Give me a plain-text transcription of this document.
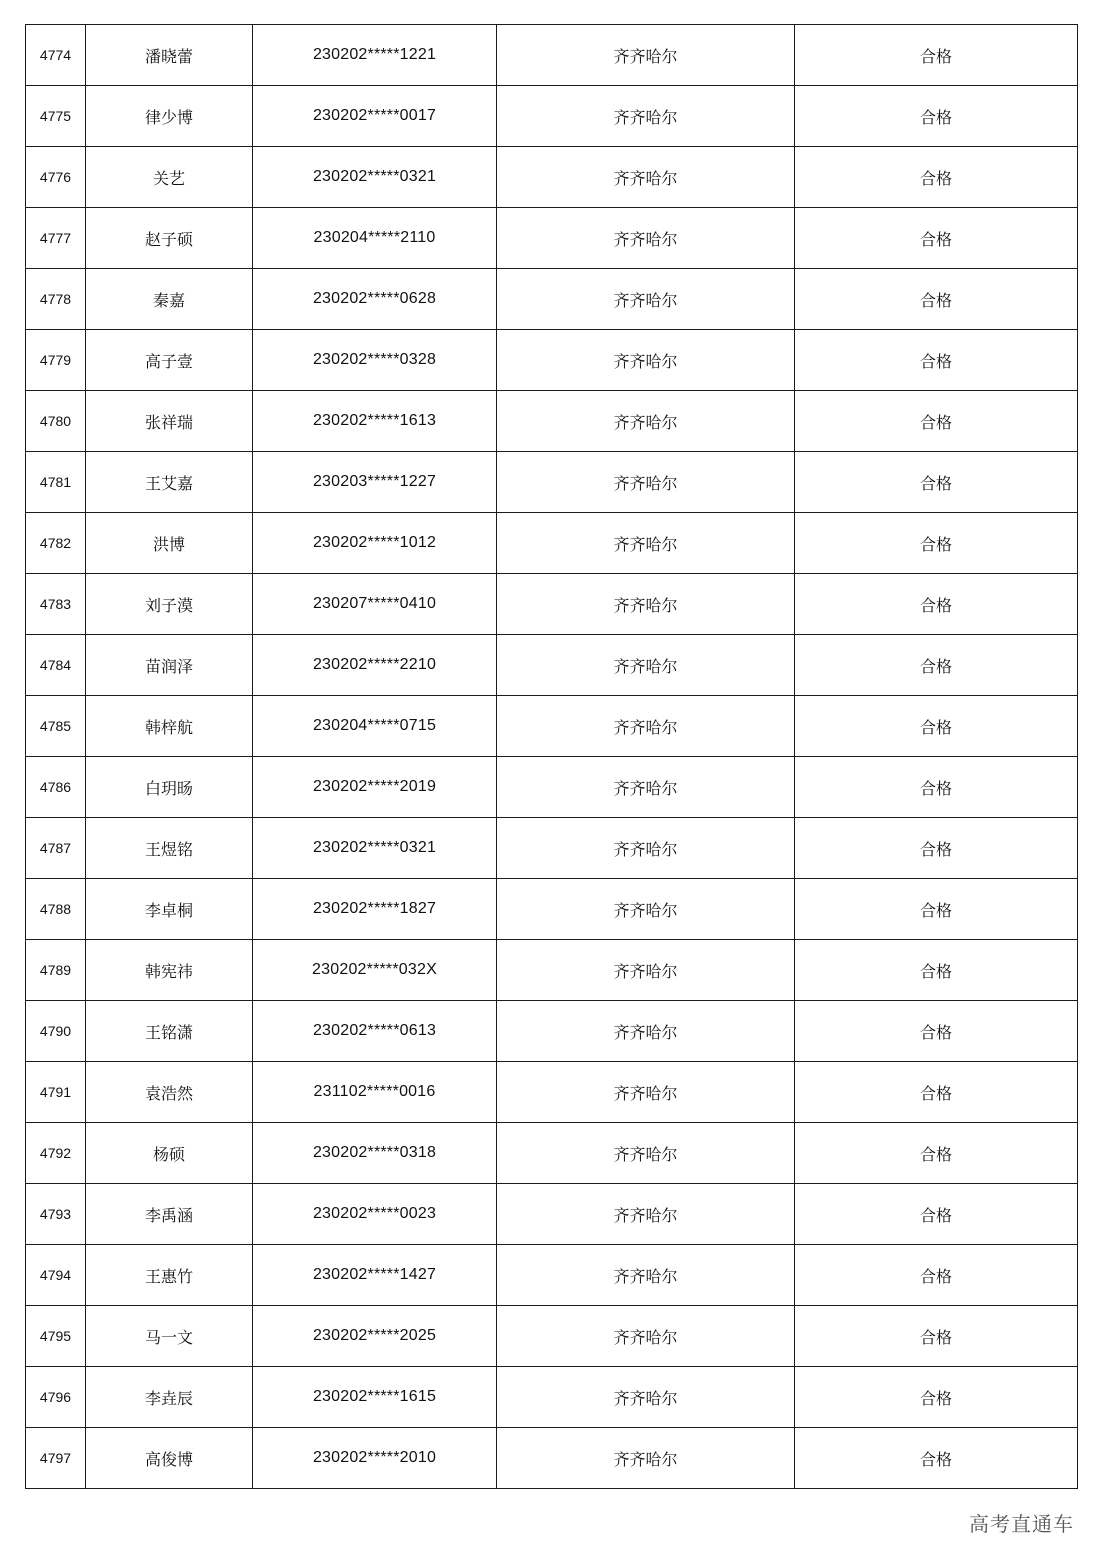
4774	潘晓蕾	230202*****1221	齐齐哈尔	合格
4775	律少博	230202*****0017	齐齐哈尔	合格
4776	关艺	230202*****0321	齐齐哈尔	合格
4777	赵子硕	230204*****2110	齐齐哈尔	合格
4778	秦嘉	230202*****0628	齐齐哈尔	合格
4779	高子壹	230202*****0328	齐齐哈尔	合格
4780	张祥瑞	230202*****1613	齐齐哈尔	合格
4781	王艾嘉	230203*****1227	齐齐哈尔	合格
4782	洪博	230202*****1012	齐齐哈尔	合格
4783	刘子漠	230207*****0410	齐齐哈尔	合格
4784	苗润泽	230202*****2210	齐齐哈尔	合格
4785	韩梓航	230204*****0715	齐齐哈尔	合格
4786	白玥旸	230202*****2019	齐齐哈尔	合格
4787	王煜铭	230202*****0321	齐齐哈尔	合格
4788	李卓桐	230202*****1827	齐齐哈尔	合格
4789	韩宪祎	230202*****032X	齐齐哈尔	合格
4790	王铭潇	230202*****0613	齐齐哈尔	合格
4791	袁浩然	231102*****0016	齐齐哈尔	合格
4792	杨硕	230202*****0318	齐齐哈尔	合格
4793	李禹涵	230202*****0023	齐齐哈尔	合格
4794	王惠竹	230202*****1427	齐齐哈尔	合格
4795	马一文	230202*****2025	齐齐哈尔	合格
4796	李垚辰	230202*****1615	齐齐哈尔	合格
4797	高俊博	230202*****2010	齐齐哈尔	合格
高考直通车
